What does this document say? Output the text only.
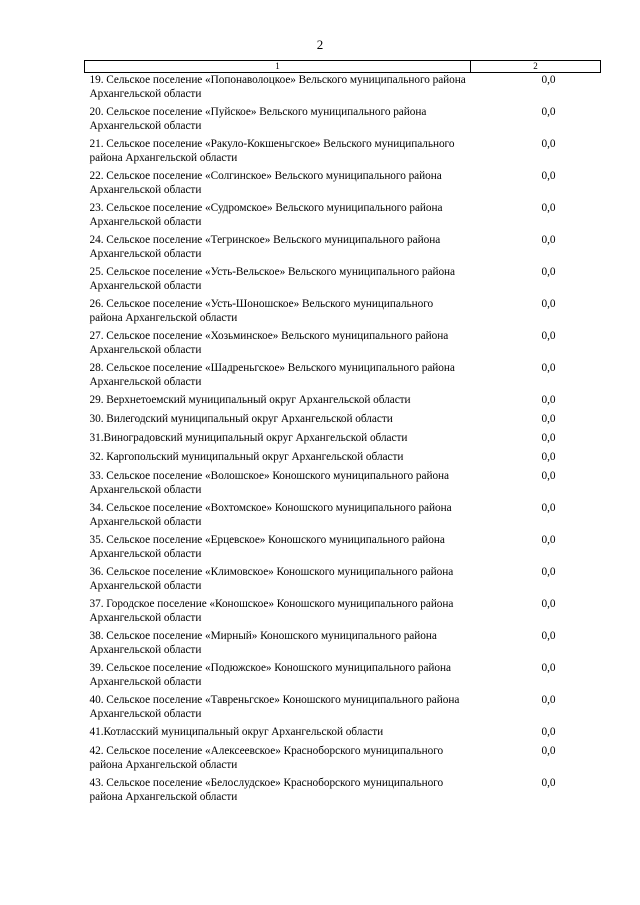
2
1	2
19. Сельское поселение «Попонаволоцкое» Вельского муниципального района Архангельской области	0,0
20. Сельское поселение «Пуйское» Вельского муниципального района Архангельской области	0,0
21. Сельское поселение «Ракуло-Кокшеньгское» Вельского муниципального района Архангельской области	0,0
22. Сельское поселение «Солгинское» Вельского муниципального района Архангельской области	0,0
23. Сельское поселение «Судромское» Вельского муниципального района Архангельской области	0,0
24. Сельское поселение «Тегринское» Вельского муниципального района Архангельской области	0,0
25. Сельское поселение «Усть-Вельское» Вельского муниципального района Архангельской области	0,0
26. Сельское поселение «Усть-Шоношское» Вельского муниципального района Архангельской области	0,0
27. Сельское поселение «Хозьминское» Вельского муниципального района Архангельской области	0,0
28. Сельское поселение «Шадреньгское» Вельского муниципального района Архангельской области	0,0
29. Верхнетоемский муниципальный округ Архангельской области	0,0
30. Вилегодский муниципальный округ Архангельской области	0,0
31.Виноградовский муниципальный округ Архангельской области	0,0
32. Каргопольский муниципальный округ Архангельской области	0,0
33. Сельское поселение «Волошское» Коношского муниципального района Архангельской области	0,0
34. Сельское поселение «Вохтомское» Коношского муниципального района Архангельской области	0,0
35. Сельское поселение «Ерцевское» Коношского муниципального района Архангельской области	0,0
36. Сельское поселение «Климовское» Коношского муниципального района Архангельской области	0,0
37. Городское поселение «Коношское» Коношского муниципального района Архангельской области	0,0
38. Сельское поселение «Мирный» Коношского муниципального района Архангельской области	0,0
39. Сельское поселение «Подюжское» Коношского муниципального района Архангельской области	0,0
40. Сельское поселение «Тавреньгское» Коношского муниципального района Архангельской области	0,0
41.Котласский муниципальный округ Архангельской области	0,0
42. Сельское поселение «Алексеевское» Красноборского муниципального района Архангельской области	0,0
43. Сельское поселение «Белослудское» Красноборского муниципального района Архангельской области	0,0
